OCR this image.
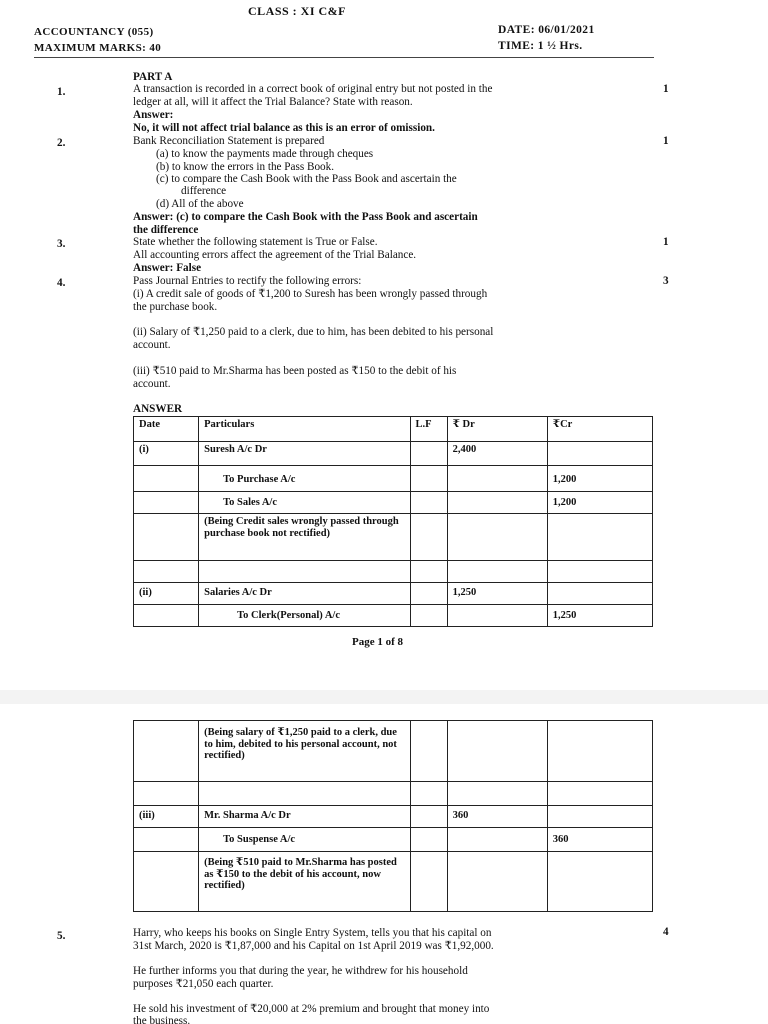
CLASS : XI C&F
ACCOUNTANCY (055)	DATE: 06/01/2021
MAXIMUM MARKS: 40	TIME: 1 ½ Hrs.
PART A
1.	1
A transaction is recorded in a correct book of original entry but not posted in the
ledger at all, will it affect the Trial Balance? State with reason.
Answer:
No, it will not affect trial balance as this is an error of omission.
2.	1
Bank Reconciliation Statement is prepared
(a) to know the payments made through cheques
(b) to know the errors in the Pass Book.
(c) to compare the Cash Book with the Pass Book and ascertain the
difference
(d) All of the above
Answer: (c) to compare the Cash Book with the Pass Book and ascertain
the difference
3.	1
State whether the following statement is True or False.
All accounting errors affect the agreement of the Trial Balance.
Answer: False
4.	3
Pass Journal Entries to rectify the following errors:
(i) A credit sale of goods of ₹1,200 to Suresh has been wrongly passed through
the purchase book.
(ii) Salary of ₹1,250 paid to a clerk, due to him, has been debited to his personal
account.
(iii) ₹510 paid to Mr.Sharma has been posted as ₹150 to the debit of his
account.
ANSWER
Date	Particulars	L.F	₹ Dr	₹Cr
(i)	Suresh A/c Dr		2,400	
	To Purchase A/c			1,200
	To Sales A/c			1,200
	(Being Credit sales wrongly passed through purchase book not rectified)			

(ii)	Salaries A/c Dr		1,250	
	To Clerk(Personal) A/c			1,250
Page 1 of 8
	(Being salary of ₹1,250 paid to a clerk, due to him, debited to his personal account, not rectified)			

(iii)	Mr. Sharma A/c Dr		360	
	To Suspense A/c			360
	(Being ₹510 paid to Mr.Sharma has posted as ₹150 to the debit of his account, now rectified)			
5.	4
Harry, who keeps his books on Single Entry System, tells you that his capital on
31st March, 2020 is ₹1,87,000 and his Capital on 1st April 2019 was ₹1,92,000.
He further informs you that during the year, he withdrew for his household
purposes ₹21,050 each quarter.
He sold his investment of ₹20,000 at 2% premium and brought that money into
the business.
